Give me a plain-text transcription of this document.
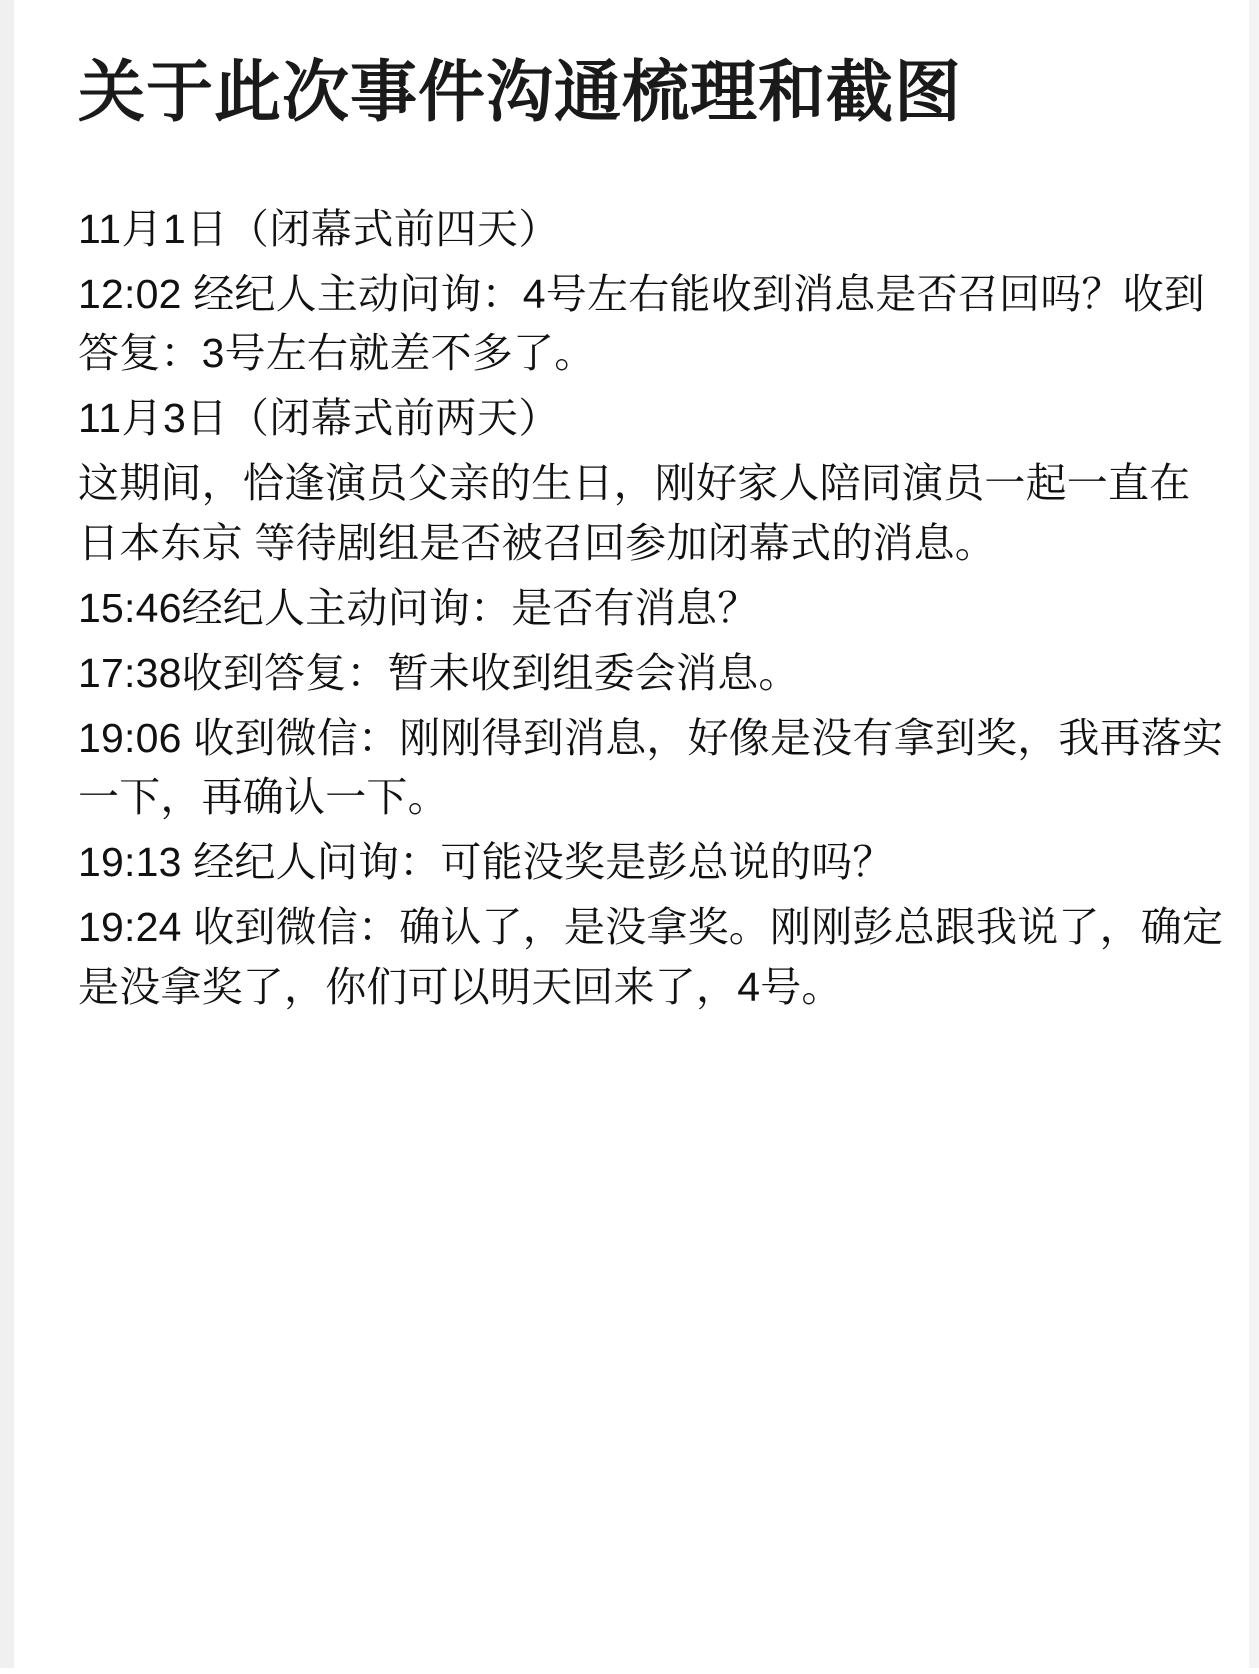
关于此次事件沟通梳理和截图

11月1日（闭幕式前四天）

12:02 经纪人主动问询：4号左右能收到消息是否召回吗？收到答复：3号左右就差不多了。

11月3日（闭幕式前两天）

这期间，恰逢演员父亲的生日，刚好家人陪同演员一起一直在日本东京 等待剧组是否被召回参加闭幕式的消息。

15:46经纪人主动问询：是否有消息？

17:38收到答复：暂未收到组委会消息。

19:06 收到微信：刚刚得到消息，好像是没有拿到奖，我再落实一下，再确认一下。

19:13 经纪人问询：可能没奖是彭总说的吗？

19:24 收到微信：确认了，是没拿奖。刚刚彭总跟我说了，确定是没拿奖了，你们可以明天回来了，4号。
